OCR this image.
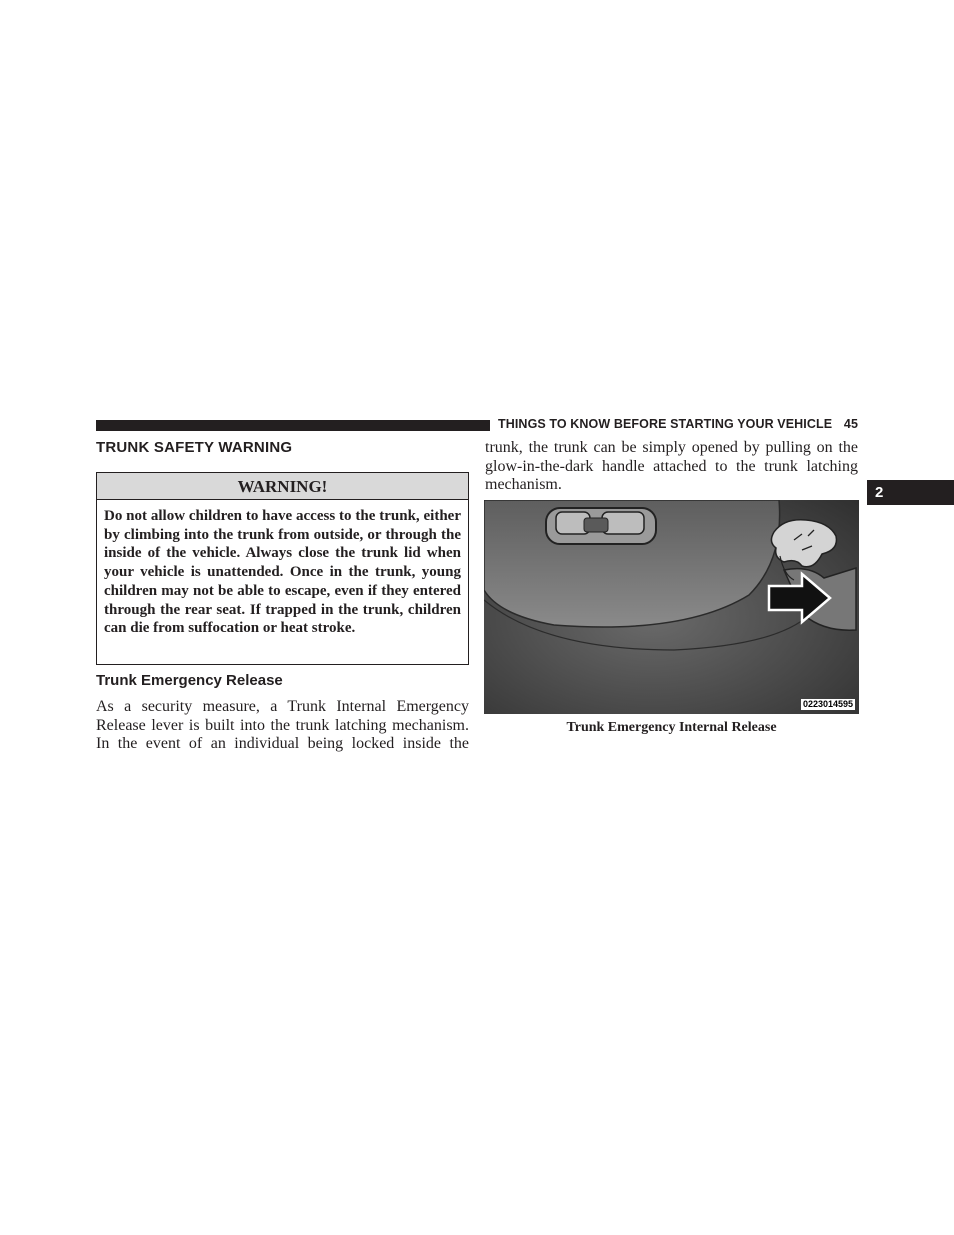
THINGS TO KNOW BEFORE STARTING YOUR VEHICLE 45
2
TRUNK SAFETY WARNING
WARNING!
Do not allow children to have access to the trunk, either by climbing into the trunk from outside, or through the inside of the vehicle. Always close the trunk lid when your vehicle is unattended. Once in the trunk, young children may not be able to escape, even if they entered through the rear seat. If trapped in the trunk, children can die from suffocation or heat stroke.
Trunk Emergency Release
As a security measure, a Trunk Internal Emergency Release lever is built into the trunk latching mechanism. In the event of an individual being locked inside the
trunk, the trunk can be simply opened by pulling on the glow-in-the-dark handle attached to the trunk latching mechanism.
0223014595
Trunk Emergency Internal Release
